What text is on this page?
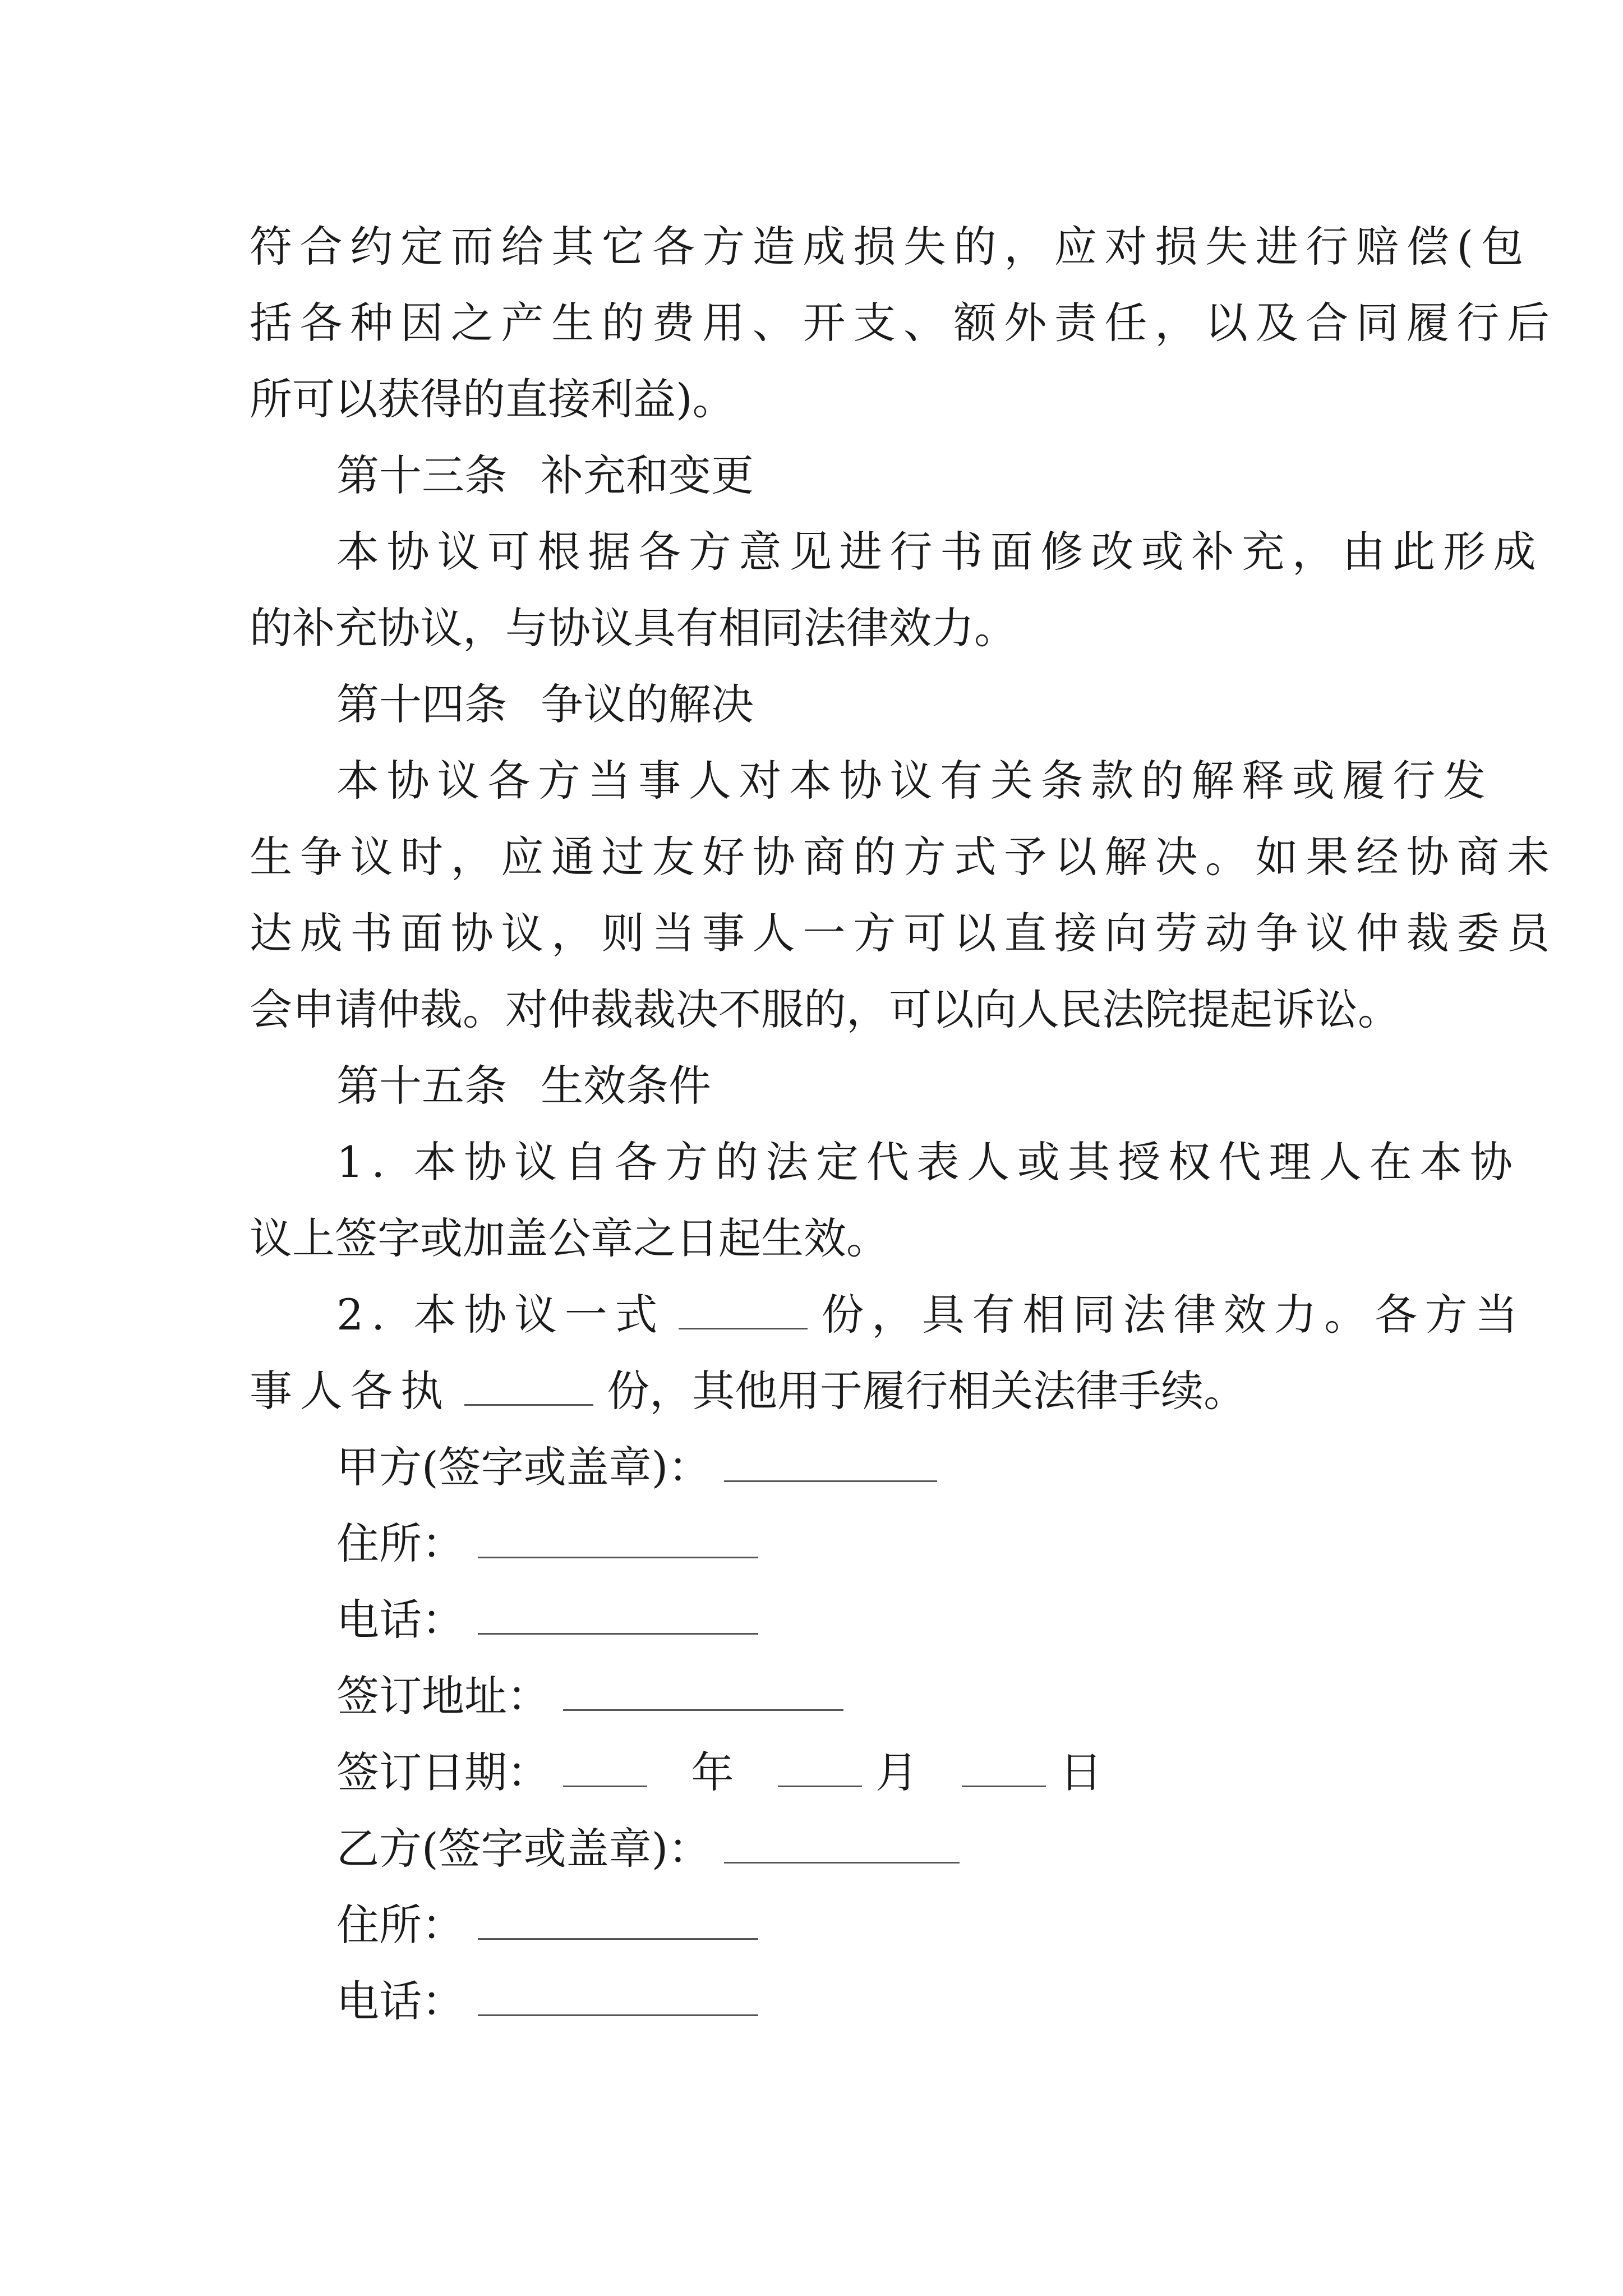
符合约定而给其它各方造成损失的，应对损失进行赔偿(包
括各种因之产生的费用、开支、额外责任，以及合同履行后
所可以获得的直接利益)。
第十三条 补充和变更
本协议可根据各方意见进行书面修改或补充，由此形成
的补充协议，与协议具有相同法律效力。
第十四条 争议的解决
本协议各方当事人对本协议有关条款的解释或履行发
生争议时，应通过友好协商的方式予以解决。如果经协商未
达成书面协议，则当事人一方可以直接向劳动争议仲裁委员
会申请仲裁。对仲裁裁决不服的，可以向人民法院提起诉讼。
第十五条 生效条件
1. 本协议自各方的法定代表人或其授权代理人在本协
议上签字或加盖公章之日起生效。
2. 本协议一式	份，具有相同法律效力。各方当
事人各执	份，其他用于履行相关法律手续。
甲方(签字或盖章)：
住所：
电话：
签订地址：
签订日期：	年	月	日
乙方(签字或盖章)：
住所：
电话：
